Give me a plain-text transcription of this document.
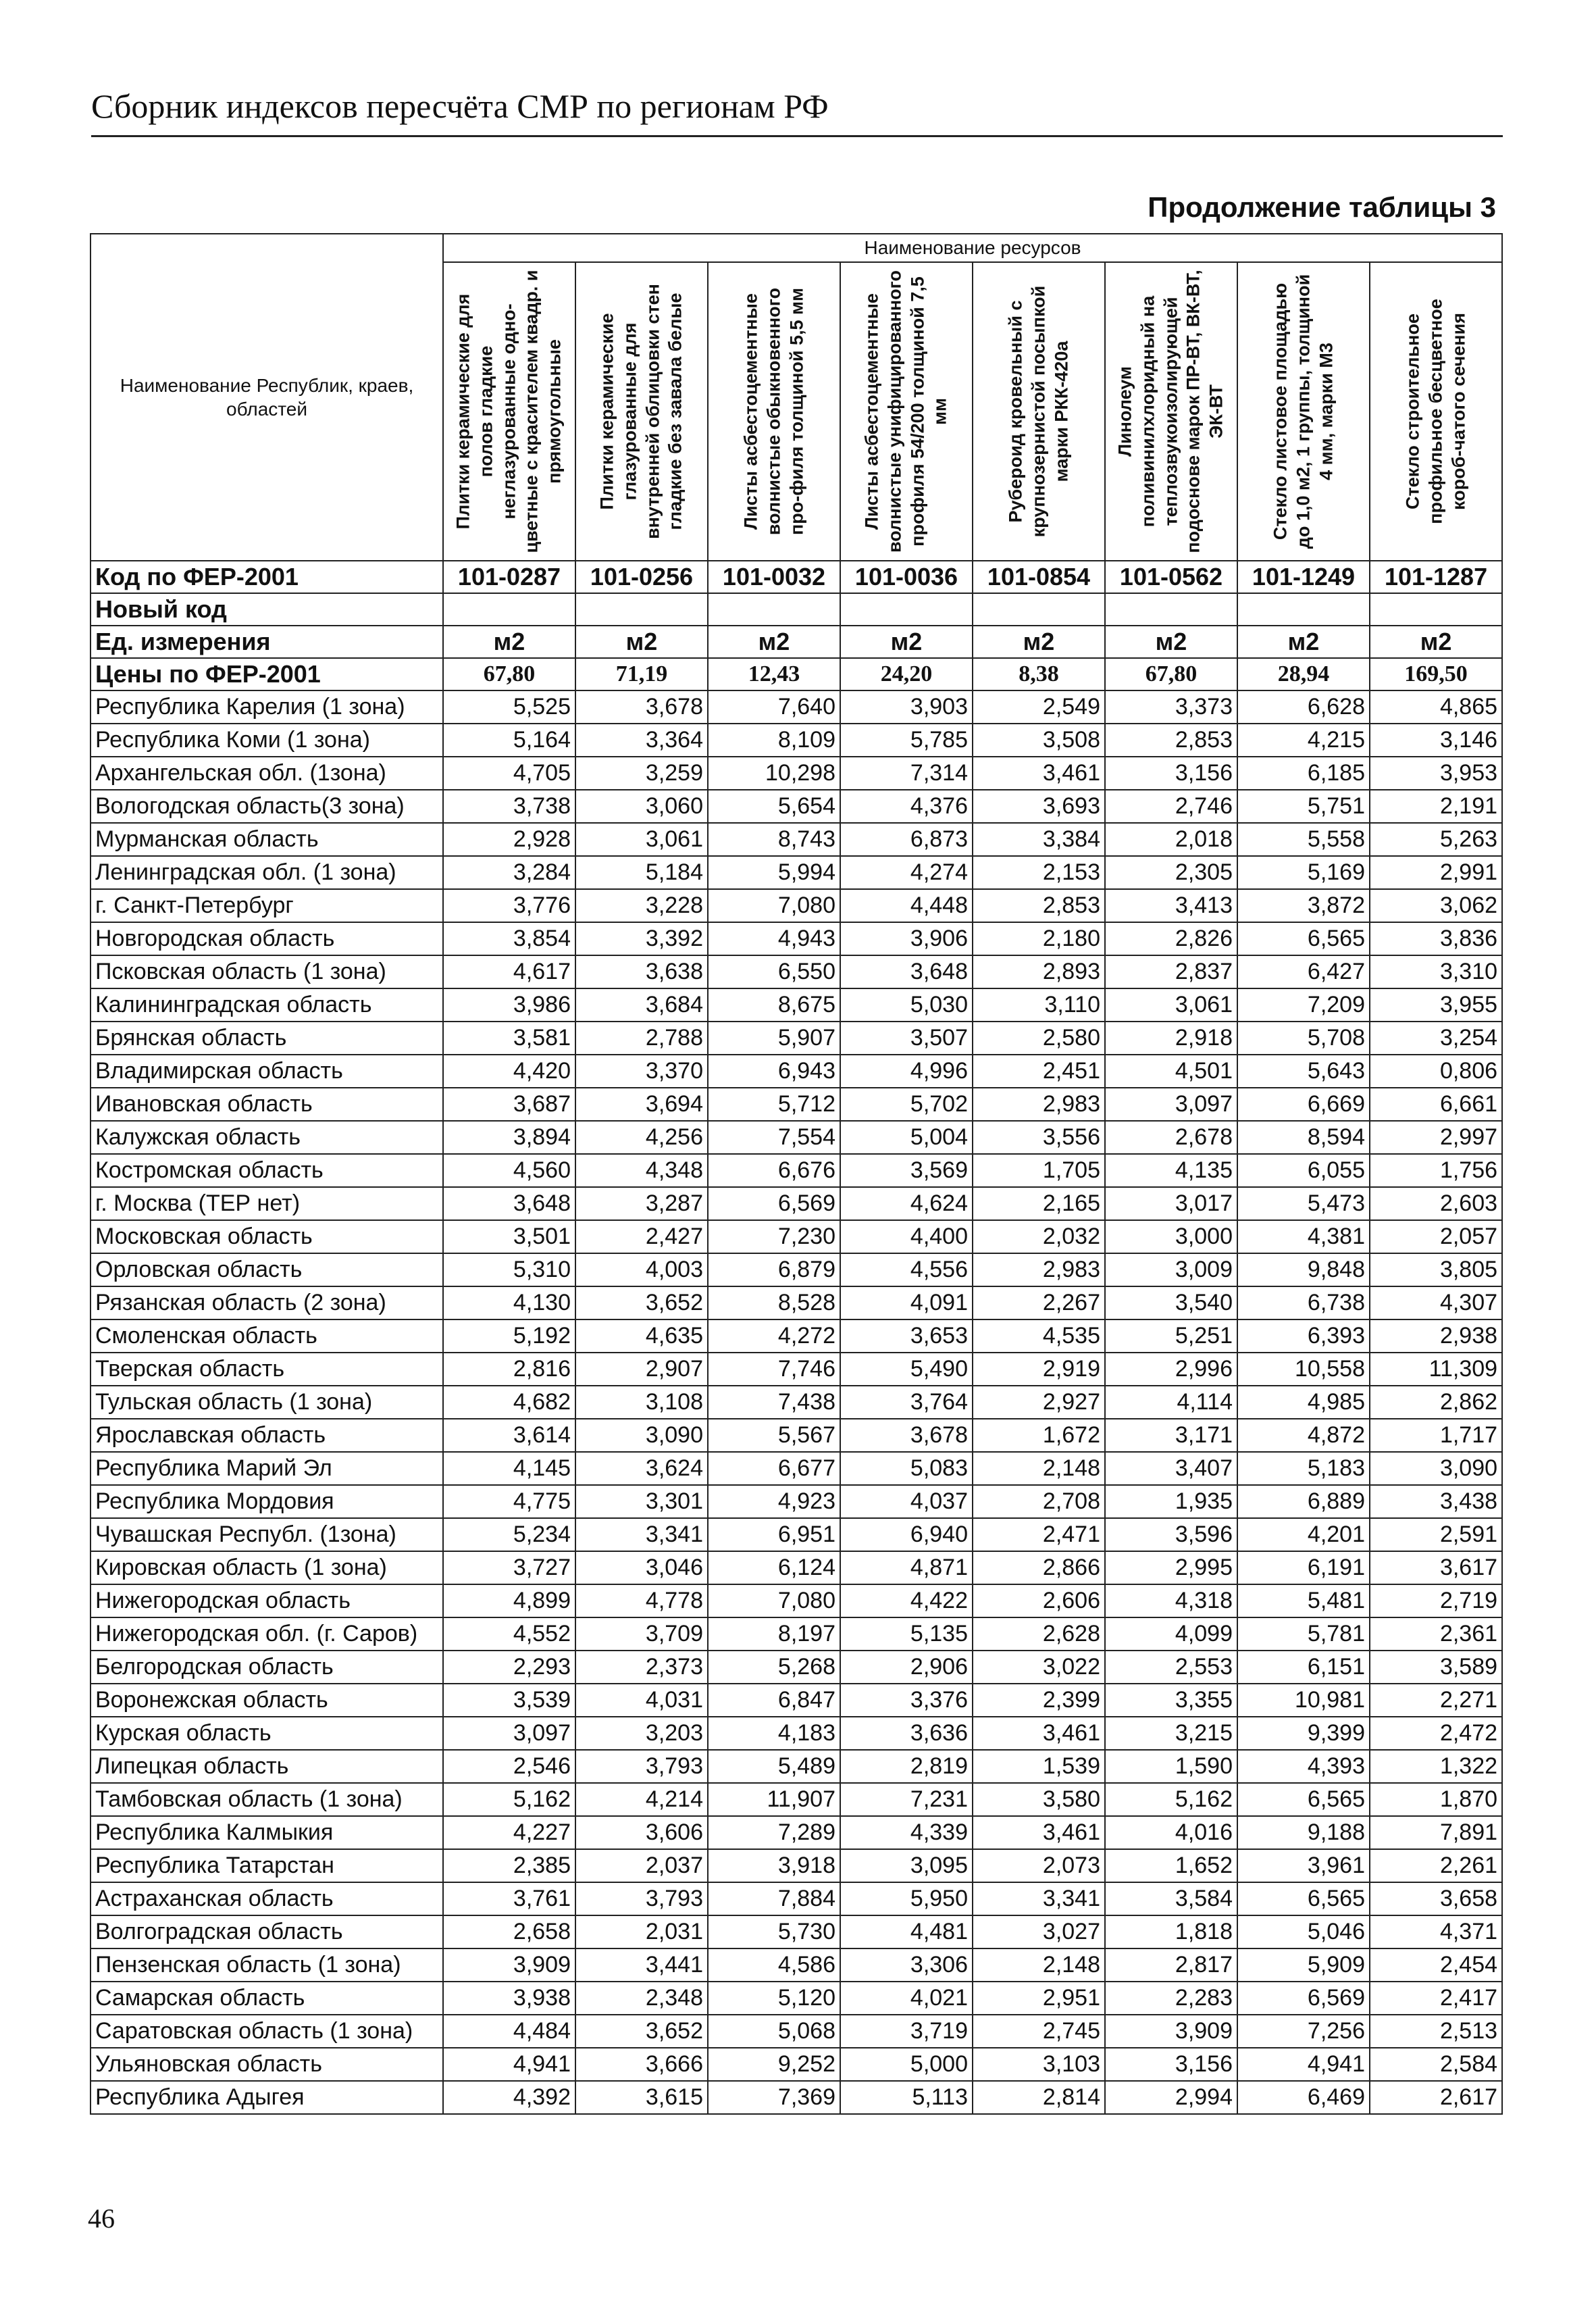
Сборник индексов пересчёта СМР по регионам РФ
Продолжение таблицы 3
Наименование Республик, краев, областей	Наименование ресурсов							

	Плитки керамические для полов гладкие неглазурованные одно-цветные с красителем квадр. и прямоугольные	Плитки керамические глазурованные для внутренней облицовки стен гладкие без завала белые	Листы асбестоцементные волнистые обыкновенного про-филя толщиной 5,5 мм	Листы асбестоцементные волнистые унифицированного профиля 54/200 толщиной 7,5 мм	Рубероид кровельный с крупнозернистой посыпкой марки РКК-420а	Линолеум поливинилхлоридный на теплозвукоизолирующей подоснове марок ПР-ВТ, ВК-ВТ, ЭК-ВТ	Стекло листовое площадью до 1,0 м2, 1 группы, толщиной 4 мм, марки М3	Стекло строительное профильное бесцветное короб-чатого сечения

Код по ФЕР-2001	101-0287	101-0256	101-0032	101-0036	101-0854	101-0562	101-1249	101-1287
Новый код								
Ед. измерения	м2	м2	м2	м2	м2	м2	м2	м2
Цены по ФЕР-2001	67,80	71,19	12,43	24,20	8,38	67,80	28,94	169,50
Республика Карелия (1 зона)	5,525	3,678	7,640	3,903	2,549	3,373	6,628	4,865
Республика Коми (1 зона)	5,164	3,364	8,109	5,785	3,508	2,853	4,215	3,146
Архангельская обл. (1зона)	4,705	3,259	10,298	7,314	3,461	3,156	6,185	3,953
Вологодская область(3 зона)	3,738	3,060	5,654	4,376	3,693	2,746	5,751	2,191
Мурманская область	2,928	3,061	8,743	6,873	3,384	2,018	5,558	5,263
Ленинградская обл. (1 зона)	3,284	5,184	5,994	4,274	2,153	2,305	5,169	2,991
г. Санкт-Петербург	3,776	3,228	7,080	4,448	2,853	3,413	3,872	3,062
Новгородская область	3,854	3,392	4,943	3,906	2,180	2,826	6,565	3,836
Псковская область (1 зона)	4,617	3,638	6,550	3,648	2,893	2,837	6,427	3,310
Калининградская область	3,986	3,684	8,675	5,030	3,110	3,061	7,209	3,955
Брянская область	3,581	2,788	5,907	3,507	2,580	2,918	5,708	3,254
Владимирская область	4,420	3,370	6,943	4,996	2,451	4,501	5,643	0,806
Ивановская область	3,687	3,694	5,712	5,702	2,983	3,097	6,669	6,661
Калужская область	3,894	4,256	7,554	5,004	3,556	2,678	8,594	2,997
Костромская область	4,560	4,348	6,676	3,569	1,705	4,135	6,055	1,756
г. Москва (ТЕР нет)	3,648	3,287	6,569	4,624	2,165	3,017	5,473	2,603
Московская область	3,501	2,427	7,230	4,400	2,032	3,000	4,381	2,057
Орловская область	5,310	4,003	6,879	4,556	2,983	3,009	9,848	3,805
Рязанская область (2 зона)	4,130	3,652	8,528	4,091	2,267	3,540	6,738	4,307
Смоленская область	5,192	4,635	4,272	3,653	4,535	5,251	6,393	2,938
Тверская область	2,816	2,907	7,746	5,490	2,919	2,996	10,558	11,309
Тульская область (1 зона)	4,682	3,108	7,438	3,764	2,927	4,114	4,985	2,862
Ярославская область	3,614	3,090	5,567	3,678	1,672	3,171	4,872	1,717
Республика Марий Эл	4,145	3,624	6,677	5,083	2,148	3,407	5,183	3,090
Республика Мордовия	4,775	3,301	4,923	4,037	2,708	1,935	6,889	3,438
Чувашская Республ. (1зона)	5,234	3,341	6,951	6,940	2,471	3,596	4,201	2,591
Кировская область (1 зона)	3,727	3,046	6,124	4,871	2,866	2,995	6,191	3,617
Нижегородская область	4,899	4,778	7,080	4,422	2,606	4,318	5,481	2,719
Нижегородская обл. (г. Саров)	4,552	3,709	8,197	5,135	2,628	4,099	5,781	2,361
Белгородская область	2,293	2,373	5,268	2,906	3,022	2,553	6,151	3,589
Воронежская область	3,539	4,031	6,847	3,376	2,399	3,355	10,981	2,271
Курская область	3,097	3,203	4,183	3,636	3,461	3,215	9,399	2,472
Липецкая область	2,546	3,793	5,489	2,819	1,539	1,590	4,393	1,322
Тамбовская область (1 зона)	5,162	4,214	11,907	7,231	3,580	5,162	6,565	1,870
Республика Калмыкия	4,227	3,606	7,289	4,339	3,461	4,016	9,188	7,891
Республика Татарстан	2,385	2,037	3,918	3,095	2,073	1,652	3,961	2,261
Астраханская область	3,761	3,793	7,884	5,950	3,341	3,584	6,565	3,658
Волгоградская область	2,658	2,031	5,730	4,481	3,027	1,818	5,046	4,371
Пензенская область (1 зона)	3,909	3,441	4,586	3,306	2,148	2,817	5,909	2,454
Самарская область	3,938	2,348	5,120	4,021	2,951	2,283	6,569	2,417
Саратовская область (1 зона)	4,484	3,652	5,068	3,719	2,745	3,909	7,256	2,513
Ульяновская область	4,941	3,666	9,252	5,000	3,103	3,156	4,941	2,584
Республика Адыгея	4,392	3,615	7,369	5,113	2,814	2,994	6,469	2,617
46
